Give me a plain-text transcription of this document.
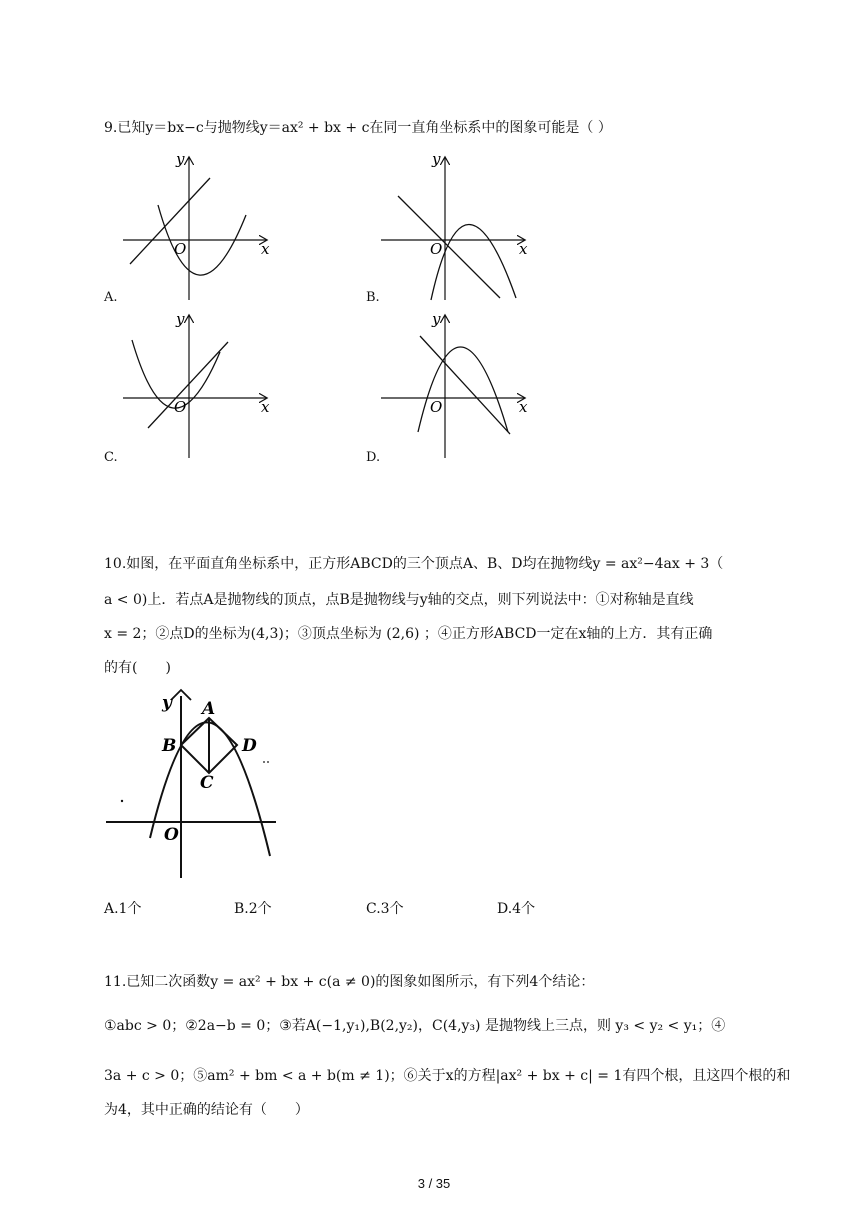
9.已知y＝bx−c与抛物线y＝ax² + bx + c在同一直角坐标系中的图象可能是（ ）
y
x
O
A.
y
x
O
B.
y
x
O
C.
y
x
O
D.
10.如图，在平面直角坐标系中，正方形ABCD的三个顶点A、B、D均在抛物线y = ax²−4ax + 3（
a < 0)上．若点A是抛物线的顶点，点B是抛物线与y轴的交点，则下列说法中：①对称轴是直线
x = 2；②点D的坐标为(4,3)；③顶点坐标为 (2,6) ；④正方形ABCD一定在x轴的上方．其有正确
的有(　　)
y A
B
C
D
O
A.1个	B.2个	C.3个	D.4个
11.已知二次函数y = ax² + bx + c(a ≠ 0)的图象如图所示，有下列4个结论：
①abc > 0；②2a−b = 0；③若A(−1,y₁),B(2,y₂)，C(4,y₃) 是抛物线上三点，则 y₃ < y₂ < y₁；④
3a + c > 0；⑤am² + bm < a + b(m ≠ 1)；⑥关于x的方程|ax² + bx + c| = 1有四个根，且这四个根的和
为4，其中正确的结论有（　　）
3 / 35
